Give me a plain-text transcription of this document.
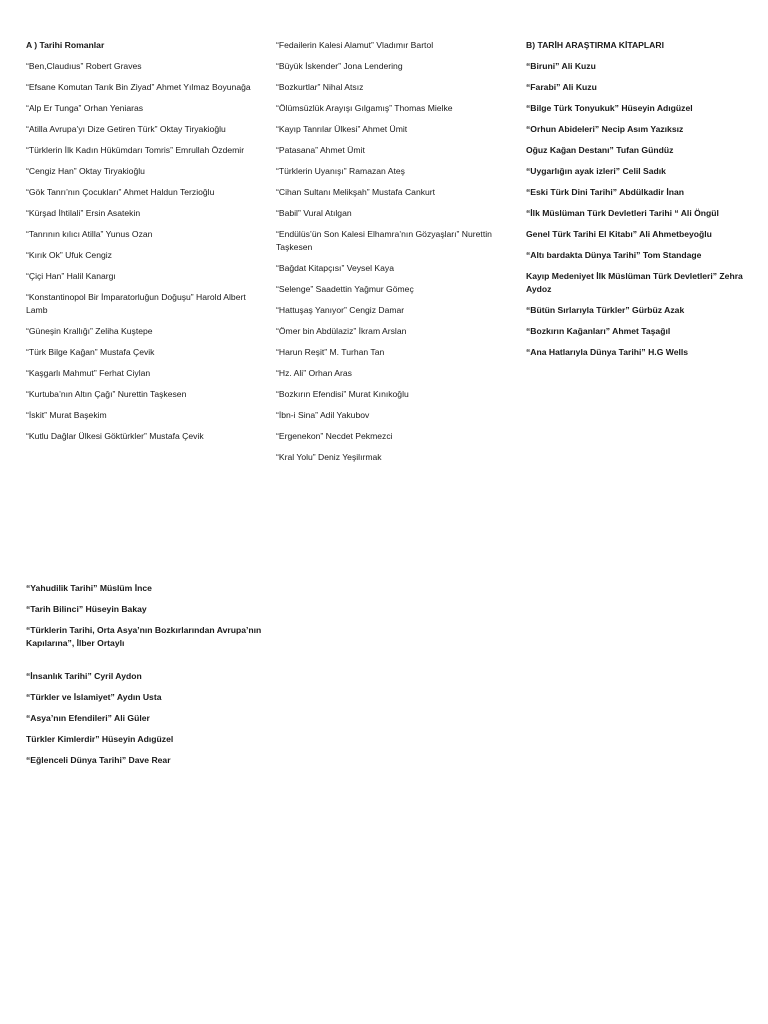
A ) Tarihi Romanlar
“Ben,Claudıus” Robert Graves
“Efsane Komutan Tarık Bin Ziyad” Ahmet Yılmaz Boyunağa
“Alp Er Tunga” Orhan Yeniaras
“Atilla Avrupa’yı Dize Getiren Türk” Oktay Tiryakioğlu
“Türklerin İlk Kadın Hükümdarı Tomris” Emrullah Özdemir
“Cengiz Han” Oktay Tiryakioğlu
“Gök Tanrı’nın Çocukları” Ahmet Haldun Terzioğlu
“Kürşad İhtilali” Ersin Asatekin
“Tanrının kılıcı Atilla” Yunus Ozan
“Kırık Ok” Ufuk Cengiz
“Çiçi Han” Halil Kanargı
“Konstantinopol Bir İmparatorluğun Doğuşu” Harold Albert Lamb
“Güneşin Krallığı” Zeliha Kuştepe
“Türk Bilge Kağan” Mustafa Çevik
“Kaşgarlı Mahmut” Ferhat Ciylan
“Kurtuba’nın Altın Çağı” Nurettin Taşkesen
“İskit” Murat Başekim
“Kutlu Dağlar Ülkesi Göktürkler” Mustafa Çevik
“Fedailerin Kalesi Alamut” Vladımır Bartol
“Büyük İskender” Jona Lendering
“Bozkurtlar” Nihal Atsız
“Ölümsüzlük Arayışı Gılgamış” Thomas Mielke
“Kayıp Tanrılar Ülkesi” Ahmet Ümit
“Patasana” Ahmet Ümit
“Türklerin Uyanışı” Ramazan Ateş
“Cihan Sultanı Melikşah” Mustafa Cankurt
“Babil” Vural Atılgan
“Endülüs’ün Son Kalesi Elhamra’nın Gözyaşları” Nurettin Taşkesen
“Bağdat Kitapçısı” Veysel Kaya
“Selenge” Saadettin Yağmur Gömeç
“Hattuşaş Yanıyor” Cengiz Damar
“Ömer bin Abdülaziz” İkram Arslan
“Harun Reşit” M. Turhan Tan
“Hz. Ali” Orhan Aras
“Bozkırın Efendisi” Murat Kınıkoğlu
“İbn-i Sina” Adil Yakubov
“Ergenekon” Necdet Pekmezci
“Kral Yolu” Deniz Yeşilırmak
B) TARİH ARAŞTIRMA KİTAPLARI
“Biruni” Ali Kuzu
“Farabi” Ali Kuzu
“Bilge Türk Tonyukuk” Hüseyin Adıgüzel
“Orhun Abideleri” Necip Asım Yazıksız
Oğuz Kağan Destanı” Tufan Gündüz
“Uygarlığın ayak izleri” Celil Sadık
“Eski Türk Dini Tarihi” Abdülkadir İnan
“İlk Müslüman Türk Devletleri Tarihi “ Ali Öngül
Genel Türk Tarihi El Kitabı” Ali Ahmetbeyoğlu
“Altı bardakta Dünya Tarihi” Tom Standage
Kayıp Medeniyet İlk Müslüman Türk Devletleri” Zehra Aydoz
“Bütün Sırlarıyla Türkler” Gürbüz Azak
“Bozkırın Kağanları” Ahmet Taşağıl
“Ana Hatlarıyla Dünya Tarihi” H.G Wells
“Yahudilik Tarihi” Müslüm İnce
“Tarih Bilinci” Hüseyin Bakay
“Türklerin Tarihi, Orta Asya’nın Bozkırlarından Avrupa’nın Kapılarına”, İlber Ortaylı
“İnsanlık Tarihi” Cyril Aydon
“Türkler ve İslamiyet” Aydın Usta
“Asya’nın Efendileri” Ali Güler
Türkler Kimlerdir” Hüseyin Adıgüzel
“Eğlenceli Dünya Tarihi” Dave Rear
